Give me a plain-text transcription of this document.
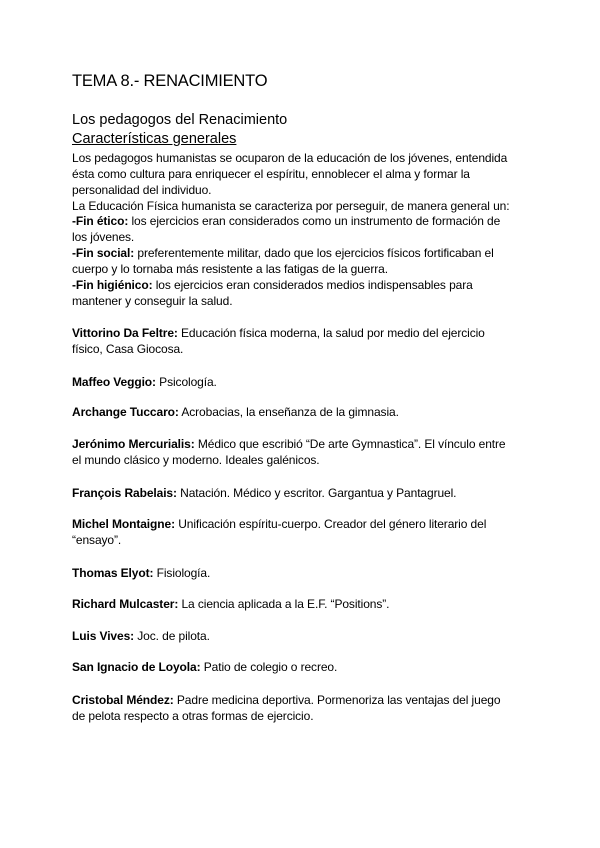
TEMA 8.- RENACIMIENTO
Los pedagogos del Renacimiento
Características generales
Los pedagogos humanistas se ocuparon de la educación de los jóvenes, entendida
ésta como cultura para enriquecer el espíritu, ennoblecer el alma y formar la
personalidad del individuo.
La Educación Física humanista se caracteriza por perseguir, de manera general un:
-Fin ético: los ejercicios eran considerados como un instrumento de formación de
los jóvenes.
-Fin social: preferentemente militar, dado que los ejercicios físicos fortificaban el
cuerpo y lo tornaba más resistente a las fatigas de la guerra.
-Fin higiénico: los ejercicios eran considerados medios indispensables para
mantener y conseguir la salud.
Vittorino Da Feltre: Educación física moderna, la salud por medio del ejercicio
físico, Casa Giocosa.
Maffeo Veggio: Psicología.
Archange Tuccaro: Acrobacias, la enseñanza de la gimnasia.
Jerónimo Mercurialis: Médico que escribió “De arte Gymnastica”. El vínculo entre
el mundo clásico y moderno. Ideales galénicos.
François Rabelais: Natación. Médico y escritor. Gargantua y Pantagruel.
Michel Montaigne: Unificación espíritu-cuerpo. Creador del género literario del
“ensayo”.
Thomas Elyot: Fisiología.
Richard Mulcaster: La ciencia aplicada a la E.F. “Positions”.
Luis Vives: Joc. de pilota.
San Ignacio de Loyola: Patio de colegio o recreo.
Cristobal Méndez: Padre medicina deportiva. Pormenoriza las ventajas del juego
de pelota respecto a otras formas de ejercicio.
